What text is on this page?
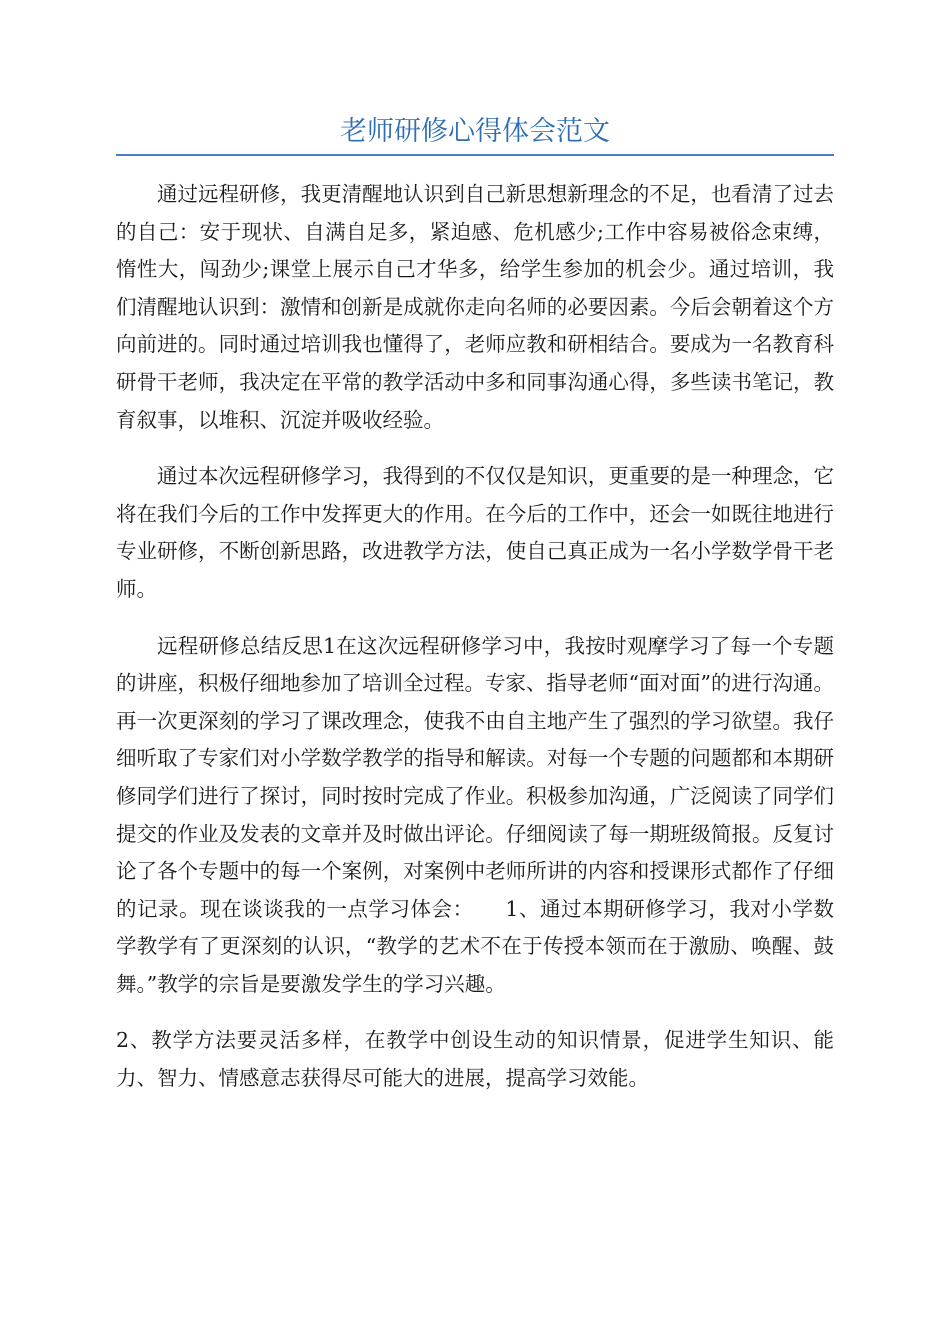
老师研修心得体会范文

通过远程研修，我更清醒地认识到自己新思想新理念的不足，也看清了过去的自己：安于现状、自满自足多，紧迫感、危机感少;工作中容易被俗念束缚，惰性大，闯劲少;课堂上展示自己才华多，给学生参加的机会少。通过培训，我们清醒地认识到：激情和创新是成就你走向名师的必要因素。今后会朝着这个方向前进的。同时通过培训我也懂得了，老师应教和研相结合。要成为一名教育科研骨干老师，我决定在平常的教学活动中多和同事沟通心得，多些读书笔记，教育叙事，以堆积、沉淀并吸收经验。

通过本次远程研修学习，我得到的不仅仅是知识，更重要的是一种理念，它将在我们今后的工作中发挥更大的作用。在今后的工作中，还会一如既往地进行专业研修，不断创新思路，改进教学方法，使自己真正成为一名小学数学骨干老师。

远程研修总结反思1在这次远程研修学习中，我按时观摩学习了每一个专题的讲座，积极仔细地参加了培训全过程。专家、指导老师“面对面”的进行沟通。再一次更深刻的学习了课改理念，使我不由自主地产生了强烈的学习欲望。我仔细听取了专家们对小学数学教学的指导和解读。对每一个专题的问题都和本期研修同学们进行了探讨，同时按时完成了作业。积极参加沟通，广泛阅读了同学们提交的作业及发表的文章并及时做出评论。仔细阅读了每一期班级简报。反复讨论了各个专题中的每一个案例，对案例中老师所讲的内容和授课形式都作了仔细的记录。现在谈谈我的一点学习体会：　　1、通过本期研修学习，我对小学数学教学有了更深刻的认识，“教学的艺术不在于传授本领而在于激励、唤醒、鼓舞。”教学的宗旨是要激发学生的学习兴趣。

2、教学方法要灵活多样，在教学中创设生动的知识情景，促进学生知识、能力、智力、情感意志获得尽可能大的进展，提高学习效能。
